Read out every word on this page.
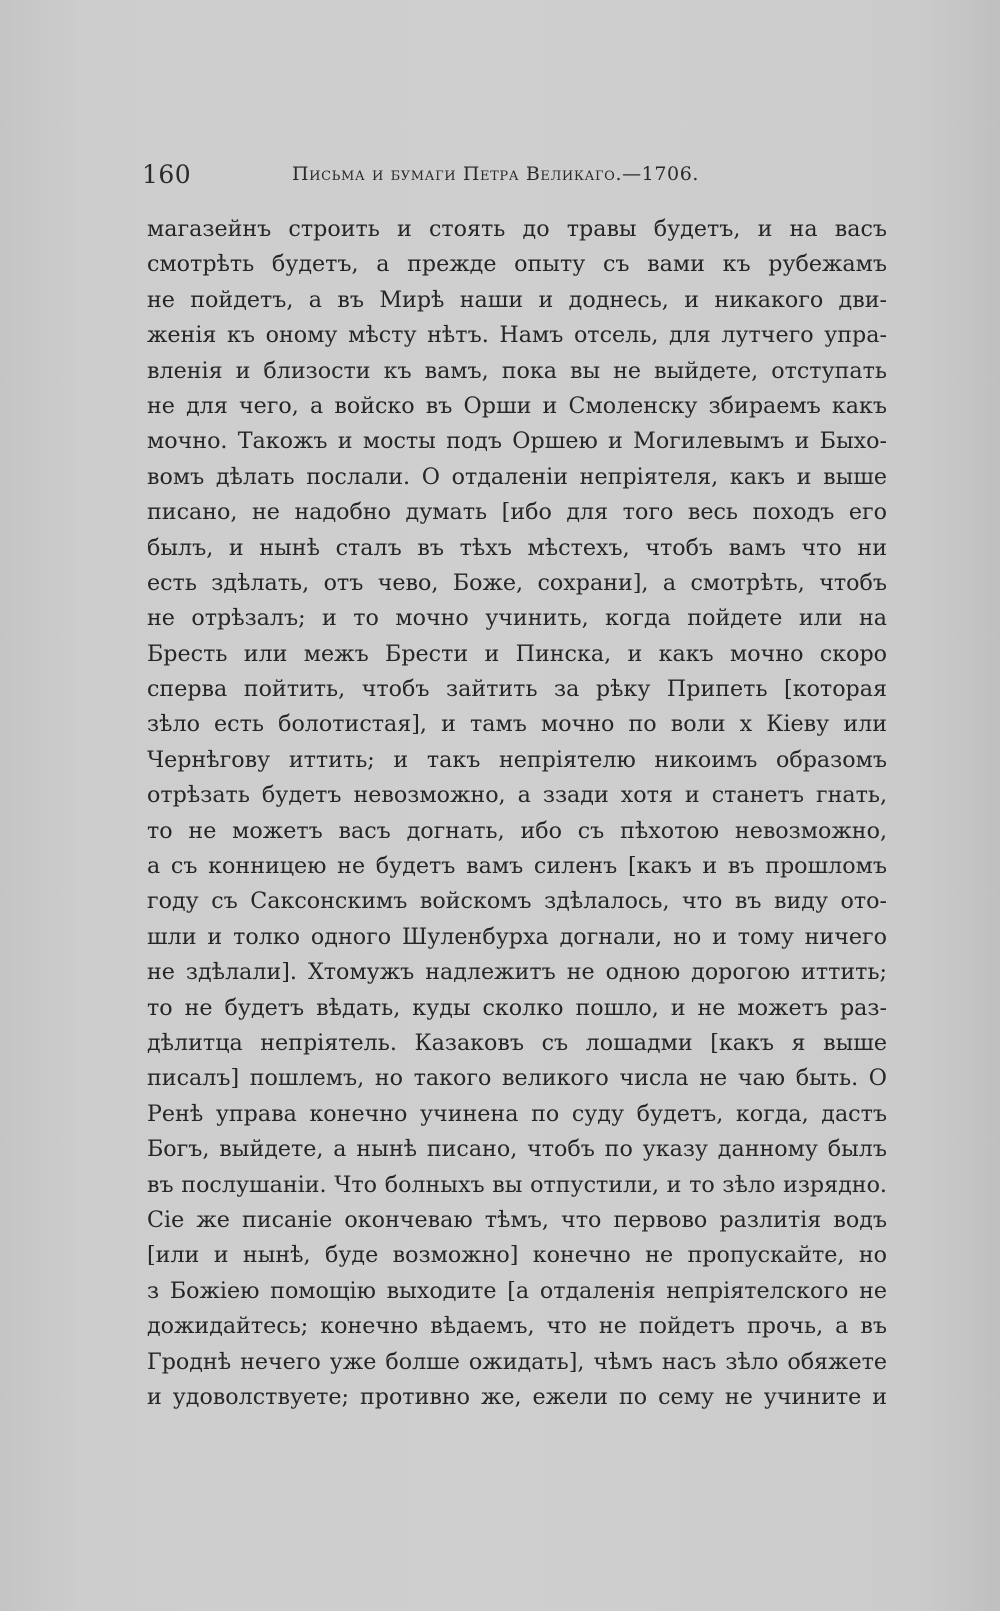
160	Письма и бумаги Петра Великаго.—1706.
магазейнъ строить и стоять до травы будетъ, и на васъ
смотрѣть будетъ, а прежде опыту съ вами къ рубежамъ
не пойдетъ, а въ Мирѣ наши и доднесь, и никакого дви-
женія къ оному мѣсту нѣтъ. Намъ отсель, для лутчего упра-
вленія и близости къ вамъ, пока вы не выйдете, отступать
не для чего, а войско въ Орши и Смоленску збираемъ какъ
мочно. Такожъ и мосты подъ Оршею и Могилевымъ и Быхо-
вомъ дѣлать послали. О отдаленіи непріятеля, какъ и выше
писано, не надобно думать [ибо для того весь походъ его
былъ, и нынѣ сталъ въ тѣхъ мѣстехъ, чтобъ вамъ что ни
есть здѣлать, отъ чево, Боже, сохрани], а смотрѣть, чтобъ
не отрѣзалъ; и то мочно учинить, когда пойдете или на
Бресть или межъ Брести и Пинска, и какъ мочно скоро
сперва пойтить, чтобъ зайтить за рѣку Припеть [которая
зѣло есть болотистая], и тамъ мочно по воли х Кіеву или
Чернѣгову иттить; и такъ непріятелю никоимъ образомъ
отрѣзать будетъ невозможно, а ззади хотя и станетъ гнать,
то не можетъ васъ догнать, ибо съ пѣхотою невозможно,
а съ конницею не будетъ вамъ силенъ [какъ и въ прошломъ
году съ Саксонскимъ войскомъ здѣлалось, что въ виду ото-
шли и толко одного Шуленбурха догнали, но и тому ничего
не здѣлали]. Хтомужъ надлежитъ не одною дорогою иттить;
то не будетъ вѣдать, куды сколко пошло, и не можетъ раз-
дѣлитца непріятель. Казаковъ съ лошадми [какъ я выше
писалъ] пошлемъ, но такого великого числа не чаю быть. О
Ренѣ управа конечно учинена по суду будетъ, когда, дастъ
Богъ, выйдете, а нынѣ писано, чтобъ по указу данному былъ
въ послушаніи. Что болныхъ вы отпустили, и то зѣло изрядно.
Сіе же писаніе окончеваю тѣмъ, что первово разлитія водъ
[или и нынѣ, буде возможно] конечно не пропускайте, но
з Божіею помощію выходите [а отдаленія непріятелского не
дожидайтесь; конечно вѣдаемъ, что не пойдетъ прочь, а въ
Гроднѣ нечего уже болше ожидать], чѣмъ насъ зѣло обяжете
и удоволствуете; противно же, ежели по сему не учините и
